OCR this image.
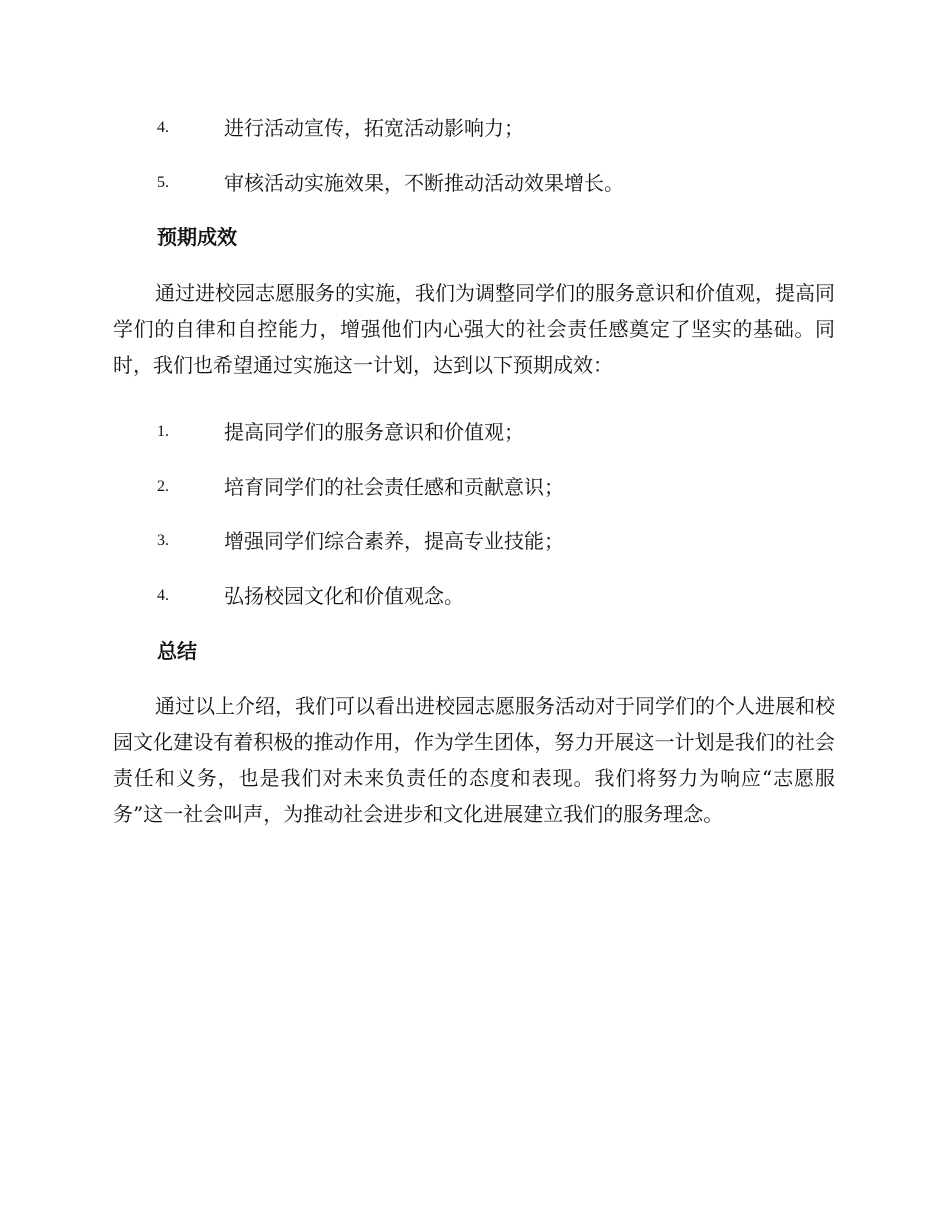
4.	进行活动宣传，拓宽活动影响力；
5.	审核活动实施效果，不断推动活动效果增长。
预期成效

通过进校园志愿服务的实施，我们为调整同学们的服务意识和价值观，提高同学们的自律和自控能力，增强他们内心强大的社会责任感奠定了坚实的基础。同时，我们也希望通过实施这一计划，达到以下预期成效：

1.	提高同学们的服务意识和价值观；
2.	培育同学们的社会责任感和贡献意识；
3.	增强同学们综合素养，提高专业技能；
4.	弘扬校园文化和价值观念。
总结

通过以上介绍，我们可以看出进校园志愿服务活动对于同学们的个人进展和校园文化建设有着积极的推动作用，作为学生团体，努力开展这一计划是我们的社会责任和义务，也是我们对未来负责任的态度和表现。我们将努力为响应“志愿服务”这一社会叫声，为推动社会进步和文化进展建立我们的服务理念。
